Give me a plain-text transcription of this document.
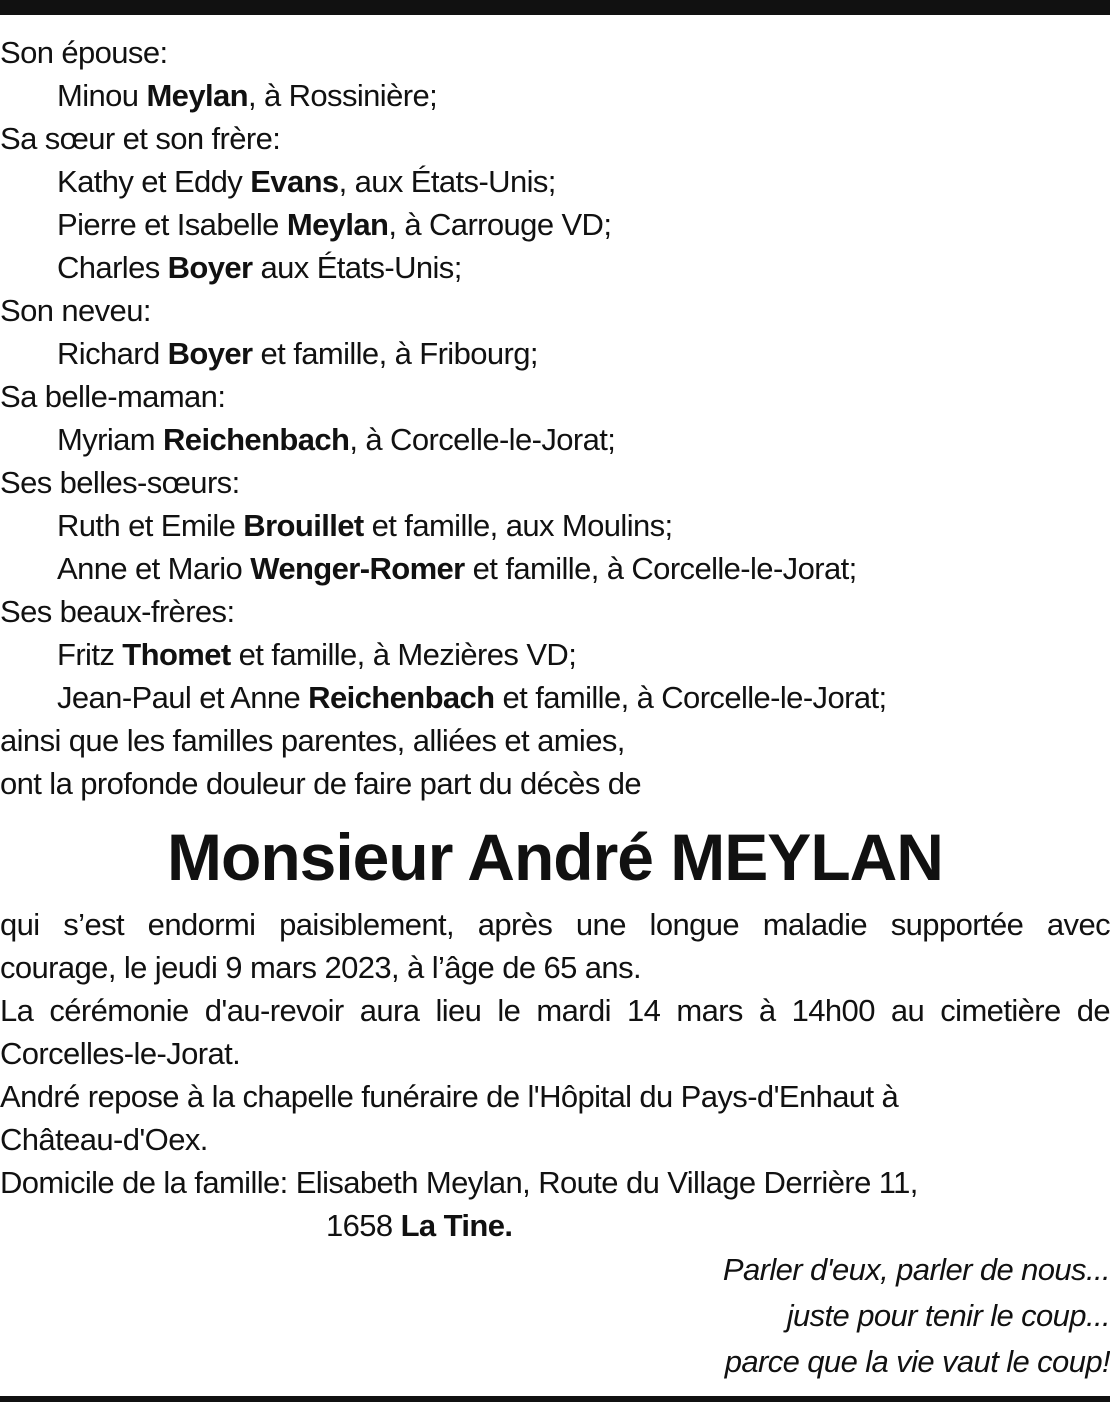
Son épouse:
Minou Meylan, à Rossinière;
Sa sœur et son frère:
Kathy et Eddy Evans, aux États-Unis;
Pierre et Isabelle Meylan, à Carrouge VD;
Charles Boyer aux États-Unis;
Son neveu:
Richard Boyer et famille, à Fribourg;
Sa belle-maman:
Myriam Reichenbach, à Corcelle-le-Jorat;
Ses belles-sœurs:
Ruth et Emile Brouillet et famille, aux Moulins;
Anne et Mario Wenger-Romer et famille, à Corcelle-le-Jorat;
Ses beaux-frères:
Fritz Thomet et famille, à Mezières VD;
Jean-Paul et Anne Reichenbach et famille, à Corcelle-le-Jorat;
ainsi que les familles parentes, alliées et amies,
ont la profonde douleur de faire part du décès de
Monsieur André MEYLAN
qui s’est endormi paisiblement, après une longue maladie supportée avec
courage, le jeudi 9 mars 2023, à l’âge de 65 ans.
La cérémonie d'au-revoir aura lieu le mardi 14 mars à 14h00 au cimetière de
Corcelles-le-Jorat.
André repose à la chapelle funéraire de l'Hôpital du Pays-d'Enhaut à
Château-d'Oex.
Domicile de la famille: Elisabeth Meylan, Route du Village Derrière 11,
1658 La Tine.
Parler d'eux, parler de nous...
juste pour tenir le coup...
parce que la vie vaut le coup!
